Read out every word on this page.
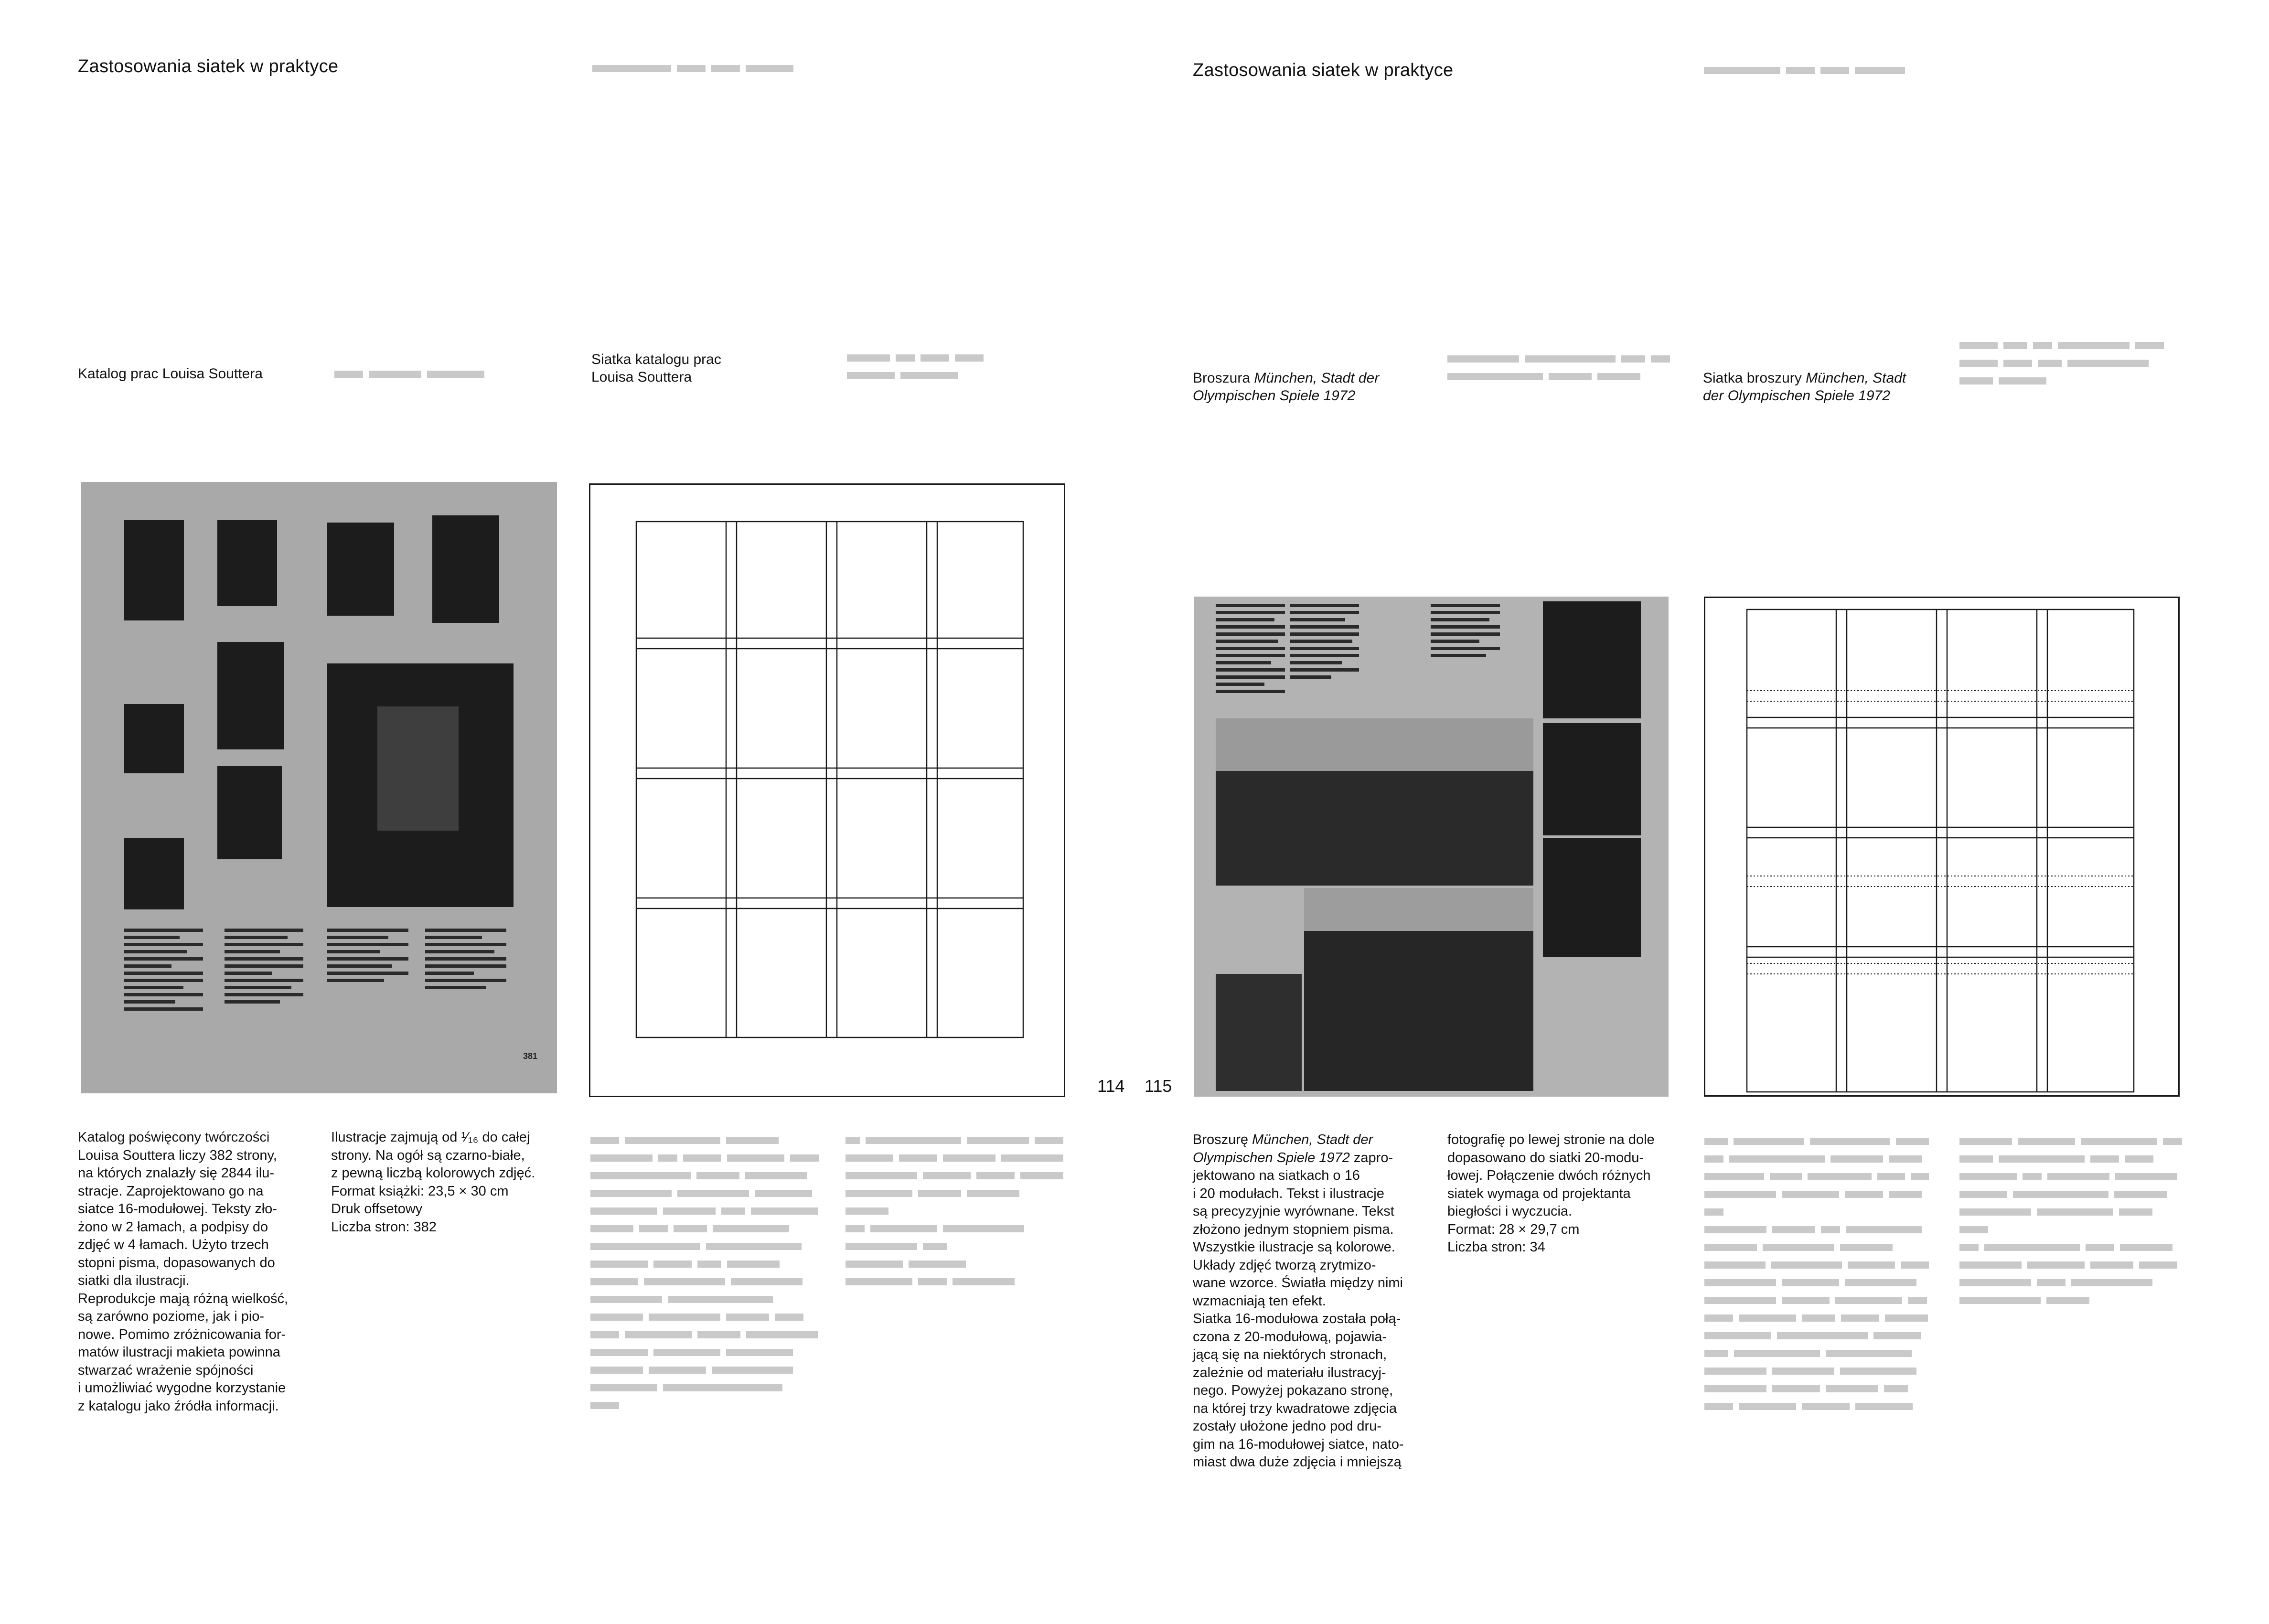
Zastosowania siatek w praktyce
Katalog prac Louisa Souttera
Siatka katalogu prac
Louisa Souttera
381
Katalog poświęcony twórczości
Louisa Souttera liczy 382 strony,
na których znalazły się 2844 ilu-
stracje. Zaprojektowano go na
siatce 16-modułowej. Teksty zło-
żono w 2 łamach, a podpisy do
zdjęć w 4 łamach. Użyto trzech
stopni pisma, dopasowanych do
siatki dla ilustracji.
Reprodukcje mają różną wielkość,
są zarówno poziome, jak i pio-
nowe. Pomimo zróżnicowania for-
matów ilustracji makieta powinna
stwarzać wrażenie spójności
i umożliwiać wygodne korzystanie
z katalogu jako źródła informacji.
Ilustracje zajmują od ¹⁄₁₆ do całej
strony. Na ogół są czarno-białe,
z pewną liczbą kolorowych zdjęć.
Format książki: 23,5 × 30 cm
Druk offsetowy
Liczba stron: 382
114 115
Zastosowania siatek w praktyce

Broszura München, Stadt der
Olympischen Spiele 1972

Siatka broszury München, Stadt
der Olympischen Spiele 1972

Broszurę München, Stadt der
Olympischen Spiele 1972 zapro-
jektowano na siatkach o 16
i 20 modułach. Tekst i ilustracje
są precyzyjnie wyrównane. Tekst
złożono jednym stopniem pisma.
Wszystkie ilustracje są kolorowe.
Układy zdjęć tworzą zrytmizo-
wane wzorce. Światła między nimi
wzmacniają ten efekt.
Siatka 16-modułowa została połą-
czona z 20-modułową, pojawia-
jącą się na niektórych stronach,
zależnie od materiału ilustracyj-
nego. Powyżej pokazano stronę,
na której trzy kwadratowe zdjęcia
zostały ułożone jedno pod dru-
gim na 16-modułowej siatce, nato-
miast dwa duże zdjęcia i mniejszą
fotografię po lewej stronie na dole
dopasowano do siatki 20-modu-
łowej. Połączenie dwóch różnych
siatek wymaga od projektanta
biegłości i wyczucia.
Format: 28 × 29,7 cm
Liczba stron: 34
